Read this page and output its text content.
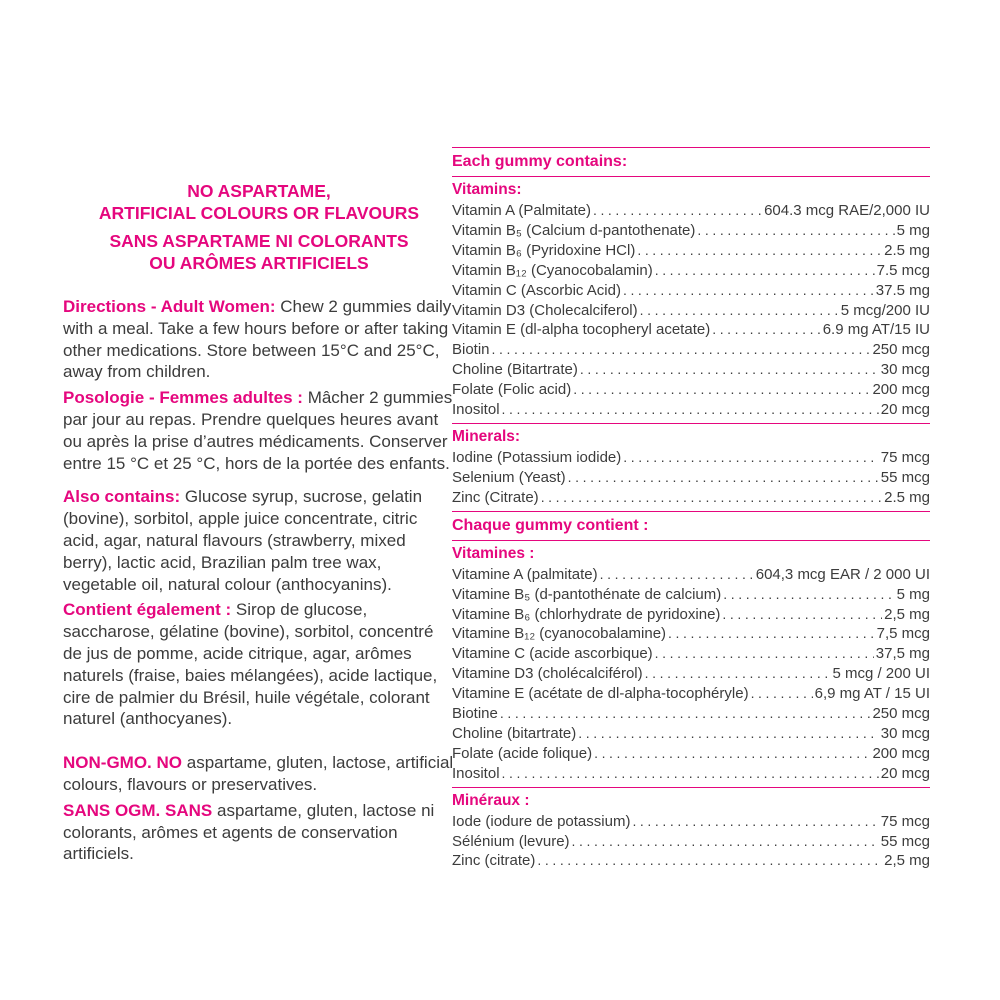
NO ASPARTAME,
ARTIFICIAL COLOURS OR FLAVOURS
SANS ASPARTAME NI COLORANTS
OU ARÔMES ARTIFICIELS

Directions - Adult Women: Chew 2 gummies daily with a meal. Take a few hours before or after taking other medications. Store between 15°C and 25°C, away from children.

Posologie - Femmes adultes : Mâcher 2 gummies par jour au repas. Prendre quelques heures avant ou après la prise d’autres médicaments. Conserver entre 15 °C et 25 °C, hors de la portée des enfants.

Also contains: Glucose syrup, sucrose, gelatin (bovine), sorbitol, apple juice concentrate, citric acid, agar, natural flavours (strawberry, mixed berry), lactic acid, Brazilian palm tree wax, vegetable oil, natural colour (anthocyanins).

Contient également : Sirop de glucose, saccharose, gélatine (bovine), sorbitol, concentré de jus de pomme, acide citrique, agar, arômes naturels (fraise, baies mélangées), acide lactique, cire de palmier du Brésil, huile végétale, colorant naturel (anthocyanes).

NON-GMO. NO aspartame, gluten, lactose, artificial colours, flavours or preservatives.

SANS OGM. SANS aspartame, gluten, lactose ni colorants, arômes et agents de conservation artificiels.

Each gummy contains:
Vitamins:
Vitamin A (Palmitate) .....	604.3 mcg RAE/2,000 IU
Vitamin B₅ (Calcium d-pantothenate) .....	5 mg
Vitamin B₆ (Pyridoxine HCl) .....	2.5 mg
Vitamin B₁₂ (Cyanocobalamin) .....	7.5 mcg
Vitamin C (Ascorbic Acid) .....	37.5 mg
Vitamin D3 (Cholecalciferol) .....	5 mcg/200 IU
Vitamin E (dl-alpha tocopheryl acetate) .....	6.9 mg AT/15 IU
Biotin .....	250 mcg
Choline (Bitartrate) .....	30 mcg
Folate (Folic acid) .....	200 mcg
Inositol .....	20 mcg
Minerals:
Iodine (Potassium iodide) .....	75 mcg
Selenium (Yeast) .....	55 mcg
Zinc (Citrate) .....	2.5 mg
Chaque gummy contient :
Vitamines :
Vitamine A (palmitate) .....	604,3 mcg EAR / 2 000 UI
Vitamine B₅ (d-pantothénate de calcium) .....	5 mg
Vitamine B₆ (chlorhydrate de pyridoxine) .....	2,5 mg
Vitamine B₁₂ (cyanocobalamine) .....	7,5 mcg
Vitamine C (acide ascorbique) .....	37,5 mg
Vitamine D3 (cholécalciférol) .....	5 mcg / 200 UI
Vitamine E (acétate de dl-alpha-tocophéryle) .....	6,9 mg AT / 15 UI
Biotine .....	250 mcg
Choline (bitartrate) .....	30 mcg
Folate (acide folique) .....	200 mcg
Inositol .....	20 mcg
Minéraux :
Iode (iodure de potassium) .....	75 mcg
Sélénium (levure) .....	55 mcg
Zinc (citrate) .....	2,5 mg
